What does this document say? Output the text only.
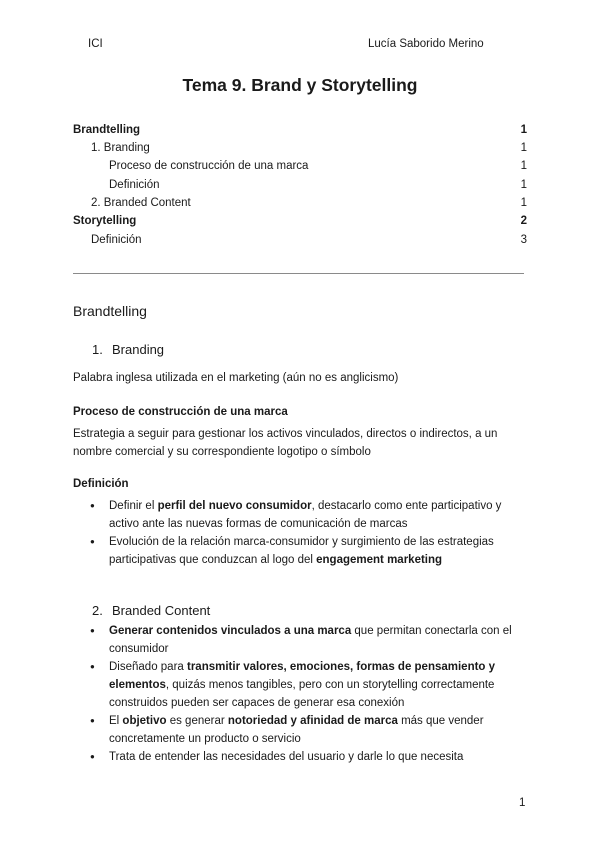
ICI	Lucía Saborido Merino
Tema 9. Brand y Storytelling
Brandtelling	1
1. Branding	1
Proceso de construcción de una marca	1
Definición	1
2. Branded Content	1
Storytelling	2
Definición	3
Brandtelling
1. Branding
Palabra inglesa utilizada en el marketing (aún no es anglicismo)
Proceso de construcción de una marca
Estrategia a seguir para gestionar los activos vinculados, directos o indirectos, a un nombre comercial y su correspondiente logotipo o símbolo
Definición
● Definir el perfil del nuevo consumidor, destacarlo como ente participativo y activo ante las nuevas formas de comunicación de marcas
● Evolución de la relación marca-consumidor y surgimiento de las estrategias participativas que conduzcan al logo del engagement marketing
2. Branded Content
● Generar contenidos vinculados a una marca que permitan conectarla con el consumidor
● Diseñado para transmitir valores, emociones, formas de pensamiento y elementos, quizás menos tangibles, pero con un storytelling correctamente construidos pueden ser capaces de generar esa conexión
● El objetivo es generar notoriedad y afinidad de marca más que vender concretamente un producto o servicio
● Trata de entender las necesidades del usuario y darle lo que necesita
1
